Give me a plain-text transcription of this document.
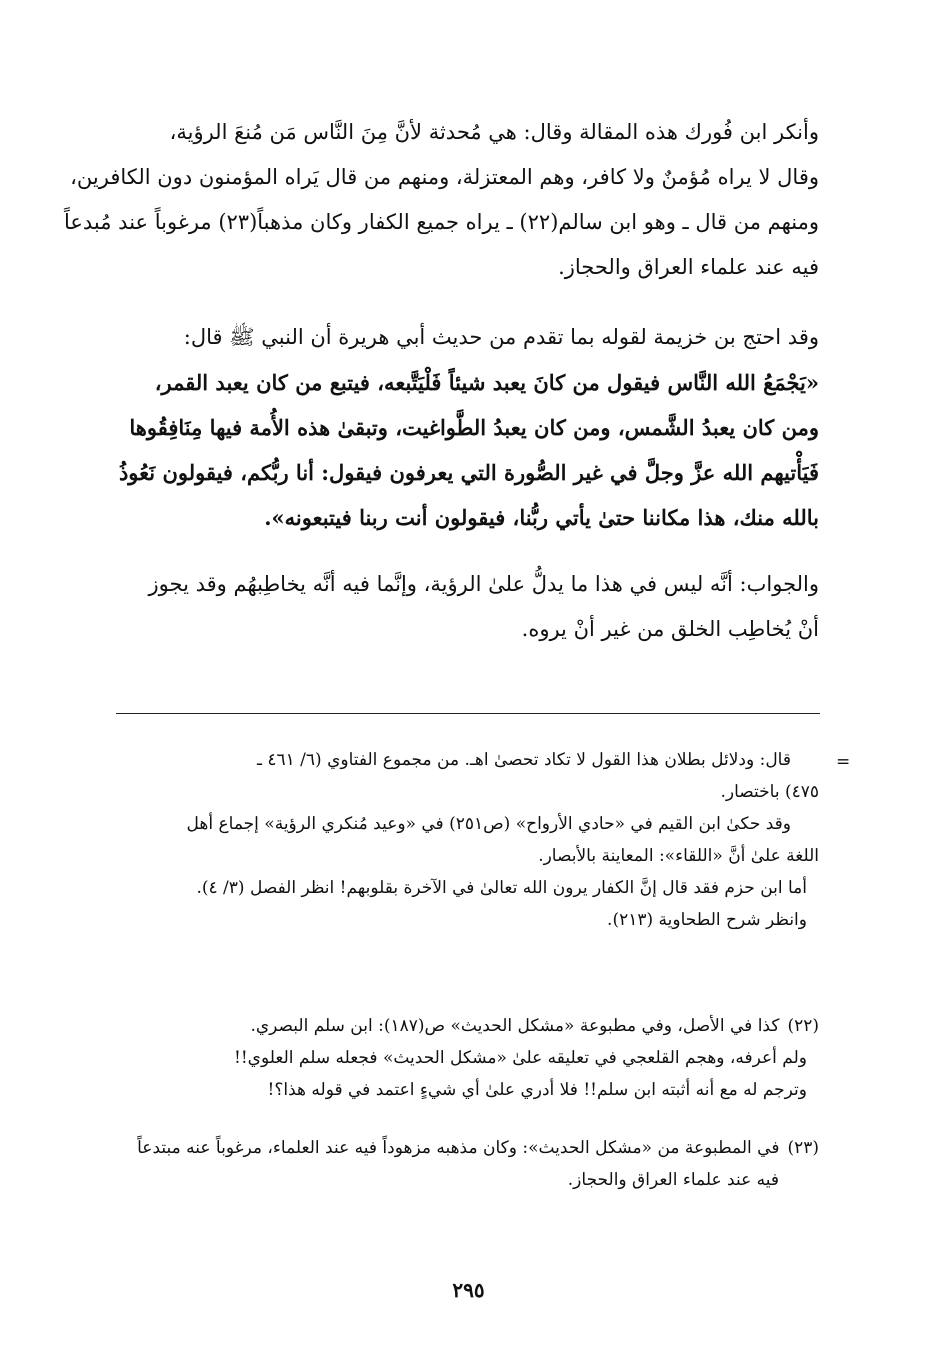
وأنكر ابن فُورك هذه المقالة وقال: هي مُحدثة لأنَّ مِنَ النَّاس مَن مُنعَ الرؤية،
وقال لا يراه مُؤمنٌ ولا كافر، وهم المعتزلة، ومنهم من قال يَراه المؤمنون دون الكافرين،
ومنهم من قال ـ وهو ابن سالم(٢٢) ـ يراه جميع الكفار وكان مذهباً(٢٣) مرغوباً عند مُبدعاً
فيه عند علماء العراق والحجاز.
وقد احتج بن خزيمة لقوله بما تقدم من حديث أبي هريرة أن النبي ﷺ قال:
«يَجْمَعُ الله النَّاس فيقول من كانَ يعبد شيئاً فَلْيَتَّبعه، فيتبع من كان يعبد القمر،
ومن كان يعبدُ الشَّمس، ومن كان يعبدُ الطَّواغيت، وتبقىٰ هذه الأُمة فيها مِنَافِقُوها
فَيَأْتيهم الله عزَّ وجلَّ في غير الصُّورة التي يعرفون فيقول: أنا ربُّكم، فيقولون نَعُوذُ
بالله منك، هذا مكاننا حتىٰ يأتي ربُّنا، فيقولون أنت ربنا فيتبعونه».
والجواب: أنَّه ليس في هذا ما يدلُّ علىٰ الرؤية، وإنَّما فيه أنَّه يخاطِبهُم وقد يجوز
أنْ يُخاطِب الخلق من غير أنْ يروه.
=
قال: ودلائل بطلان هذا القول لا تكاد تحصىٰ اهـ. من مجموع الفتاوي (٦/ ٤٦١ ـ
٤٧٥) باختصار.
وقد حكىٰ ابن القيم في «حادي الأرواح» (ص٢٥١) في «وعيد مُنكري الرؤية» إجماع أهل
اللغة علىٰ أنَّ «اللقاء»: المعاينة بالأبصار.
أما ابن حزم فقد قال إنَّ الكفار يرون الله تعالىٰ في الآخرة بقلوبهم! انظر الفصل (٣/ ٤).
وانظر شرح الطحاوية (٢١٣).
(٢٢)كذا في الأصل، وفي مطبوعة «مشكل الحديث» ص(١٨٧): ابن سلم البصري.
ولم أعرفه، وهجم القلعجي في تعليقه علىٰ «مشكل الحديث» فجعله سلم العلوي!!
وترجم له مع أنه أثبته ابن سلم!! فلا أدري علىٰ أي شيءٍ اعتمد في قوله هذا؟!
(٢٣)في المطبوعة من «مشكل الحديث»: وكان مذهبه مزهوداً فيه عند العلماء، مرغوباً عنه مبتدعاً
فيه عند علماء العراق والحجاز.
٢٩٥
